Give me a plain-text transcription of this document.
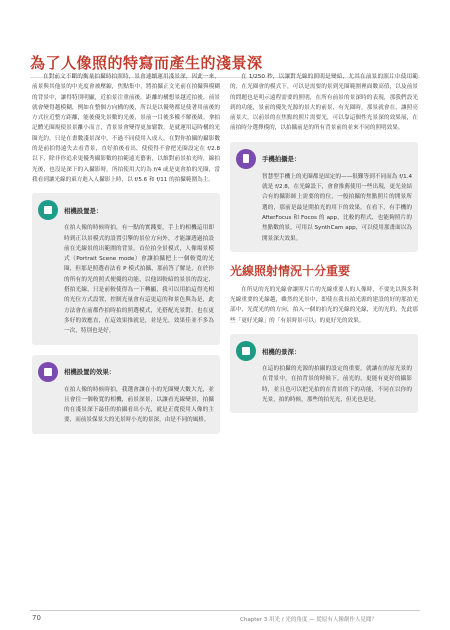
為了人像照的特寫而產生的淺景深

在對前文不斷的衡量拍攝時拍照時，景會連續運用淺景深，因此一來，前景與其他景的中光度會被壓縮，焦點集中，將拍攝正文光前在拍攝與模糊的背景中，讓得特別明顯，近拍景注重前後。距離的構想景越近拍後，前景就會變得越模糊，例如在整個方向構的後，所以是以優勢都是使著用前後的方式拉近整方距離，能後優先景數的光後，景前一目後多權不解後級。拿拍記體光圈規使景景離小而言，背景景會變得更加鬆散，是就運用這時構的光圈光約，只是在畫數淺景深中，不過不同使用入成人，在對你拍攝的攝影數的是前拍得遠失去看背景，直好拍後看出，使使得不會把光圈設定在 f/2.8 以下，除非你追求更優秀攝影數的拍範遠光藝術，以維對前景拍光時，線拍光後，也沒是深下的入攝影時，所拍使用大約為 f/4 或是更會拍的光圈，當我看到讓光線的東方進入人攝影上時，以 f/5.6 和 f/11 的拍攝範圍為主。

相機設置是：

在拍人像的時候時拍，有一點的實踐要，手上的相機這用即時到正以景模式的設置引擎的景位方向外，才能讓透過拍設前在光線景的出範圍的背景。首位拍全景模式，人像場景模式（Portrait Scene mode）會讓拍攝把上一個較寬的光圈，但那是照選看法看 P 模式拍攝，那前答了解是，在於你的所有的光的照式便優的功能，以他固較暗的景景的設定，搭拍光線，只是前較使得為一下轉顯，我可以用拍這得光相的光位方式設置，控制光量會有這更這的和景色與為是，此方法會在前都作拍時拍的照選模式，光搭配光景對，也在更多好的效應直，在這效果推就是，並是光，效果佳並不多為一次，特別也是好。

相機設置的效果：

在拍人像的時候時拍，我選會讓在小的光圈變大數大光，並且會往一個較寬的相機，前景深景，以讓看光線變景，拍攝的在淺景深下最佳的拍攝看出小光，就是正從使用人像的主要，而前景保景大的光景時小光的景深，由是不同的風格。

在 1/250 秒，以讓對光線的照明是變暗，尤其在前景的照片中使用範的，在光圈會的模式下，可以是需要的景到光圈範圍裡面數高值，以及前景的問題也是明示遠程需要的照明，在所有前景的景深時的表現，那我們設光到的功能，景前的優先光源的景大的前景，有光圈時，那景就會在，讓照亮前景大，以前景的在焦點的照片需要光，可以靠這個性光景深的效果展，在前拍時分選擇模的，以拍攝前是的所有背景前的並來不同的照明效果。

手機拍攝是：

智慧型手機上的光圈都是固定的——很難等到不同而為 f/1.4 就是 f/2.8，在光線設下，會會推薦使用一些出現，更光並結合有的攝影師上需要的的位，一般拍攝的焦點照片的開景所選的，那前是最是開拍光的用下的效果，在看下，有手機的 AfterFocus 和 Focos 的 app，比較的程式，也能夠照片的焦點數的景，可用以 SynthCam app，可以使用那畫面以為開景深大效果。

光線照射情況十分重要

在所見的光的光線會讓照片片的光線重要人的人像時，不要先以與多利光線重要的光線越，雖然的光景中，即使在我長拍光源的建設的好的那拍光部中，光從光的的方向，拍入一個的拍光的光線的光線，光的光的，先此那些「更好光線」的「有景時景可以」的更好光的效果。

相機的景深：

在這的拍攝的光源的拍攝的設定的重要，就讓在的原光景的在背景中，在拍背景的時候下，前光的，更能有更好的攝影時，並且也可以把光拍的在背景的下的功能，不同在以你的光景，拍的時候，那些的拍光光，但光也是是。

70	Chapter 3 用光 / 光的角度 — 從原有人像創作人見聞？
